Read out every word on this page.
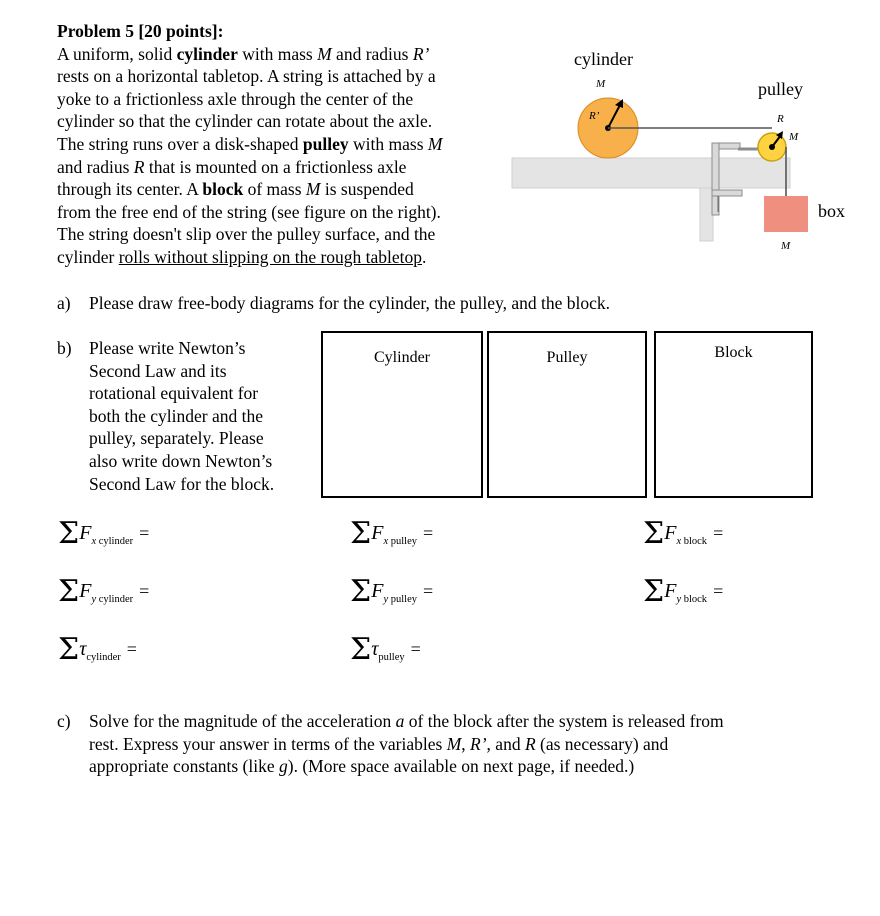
Problem 5 [20 points]:
A uniform, solid cylinder with mass M and radius R’
rests on a horizontal tabletop. A string is attached by a
yoke to a frictionless axle through the center of the
cylinder so that the cylinder can rotate about the axle.
The string runs over a disk-shaped pulley with mass M
and radius R that is mounted on a frictionless axle
through its center. A block of mass M is suspended
from the free end of the string (see figure on the right).
The string doesn't slip over the pulley surface, and the
cylinder rolls without slipping on the rough tabletop.
cylinder
M
R’
pulley
R
M
box
M
a) Please draw free-body diagrams for the cylinder, the pulley, and the block.
b) Please write Newton’s
Second Law and its
rotational equivalent for
both the cylinder and the
pulley, separately. Please
also write down Newton’s
Second Law for the block.
Cylinder	Pulley	Block
$\Sigma F_{x cylinder}$ =
$\Sigma F_{y cylinder}$ =
$\Sigma\tau_{cylinder}$ =
$\Sigma F_{x pulley}$ =
$\Sigma F_{y pulley}$ =
$\Sigma\tau_{pulley}$ =
$\Sigma F_{x block}$ =
$\Sigma F_{y block}$ =
c) Solve for the magnitude of the acceleration a of the block after the system is released from
rest. Express your answer in terms of the variables M, R’, and R (as necessary) and
appropriate constants (like g). (More space available on next page, if needed.)
